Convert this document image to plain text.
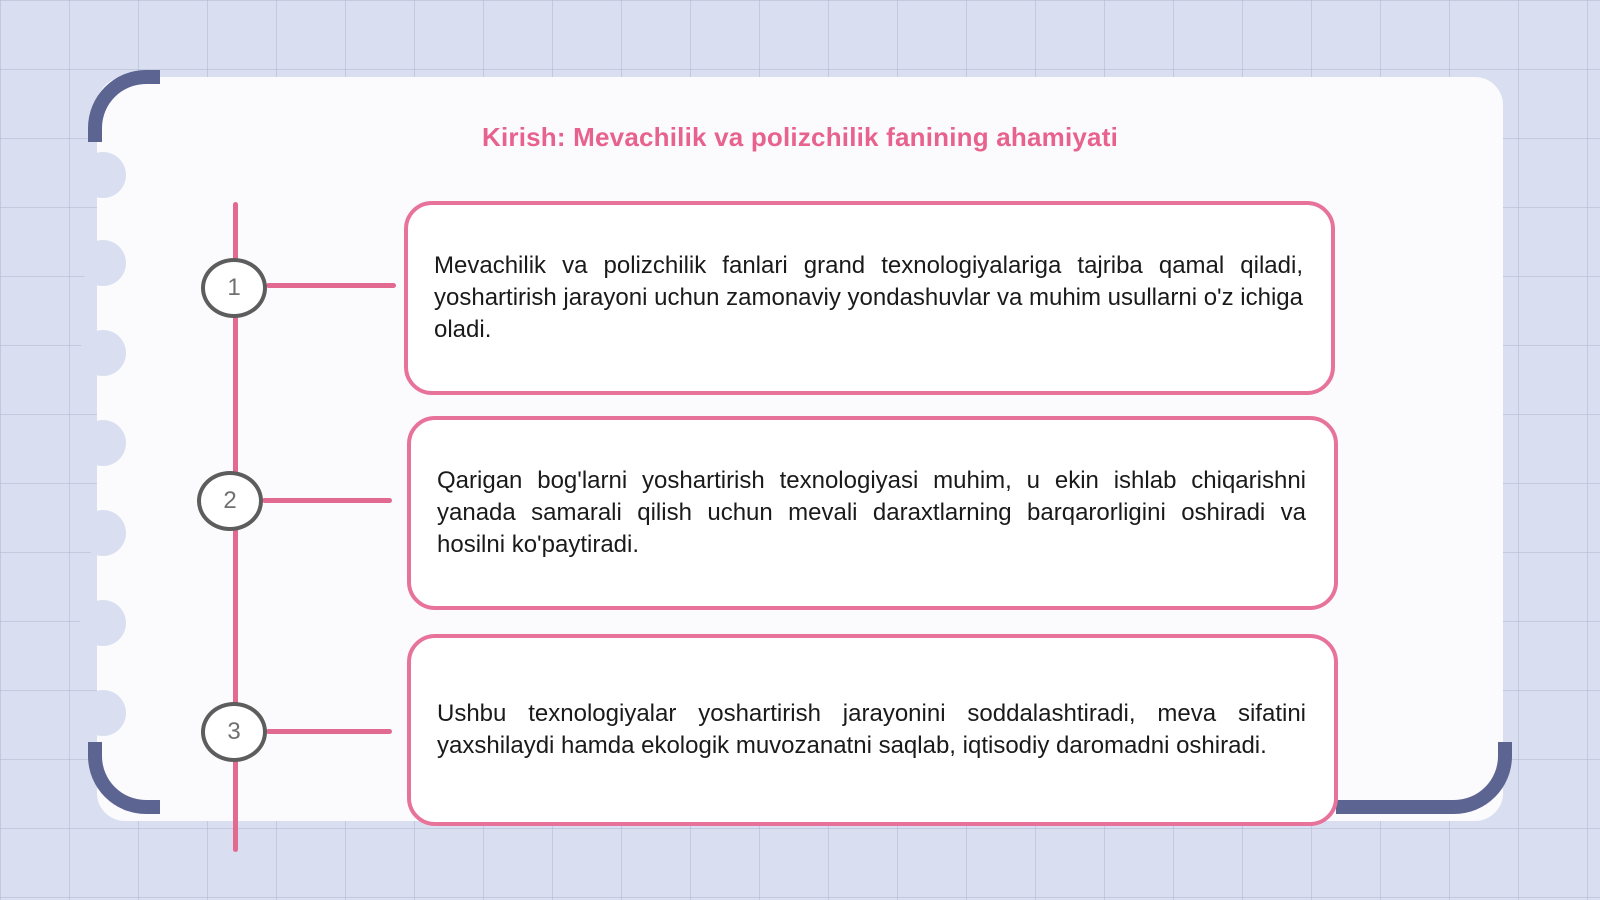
Kirish: Mevachilik va polizchilik fanining ahamiyati
1
Mevachilik va polizchilik fanlari grand texnologiyalariga tajriba qamal qiladi, yoshartirish jarayoni uchun zamonaviy yondashuvlar va muhim usullarni o'z ichiga oladi.
2
Qarigan bog'larni yoshartirish texnologiyasi muhim, u ekin ishlab chiqarishni yanada samarali qilish uchun mevali daraxtlarning barqarorligini oshiradi va hosilni ko'paytiradi.
3
Ushbu texnologiyalar yoshartirish jarayonini soddalashtiradi, meva sifatini yaxshilaydi hamda ekologik muvozanatni saqlab, iqtisodiy daromadni oshiradi.
